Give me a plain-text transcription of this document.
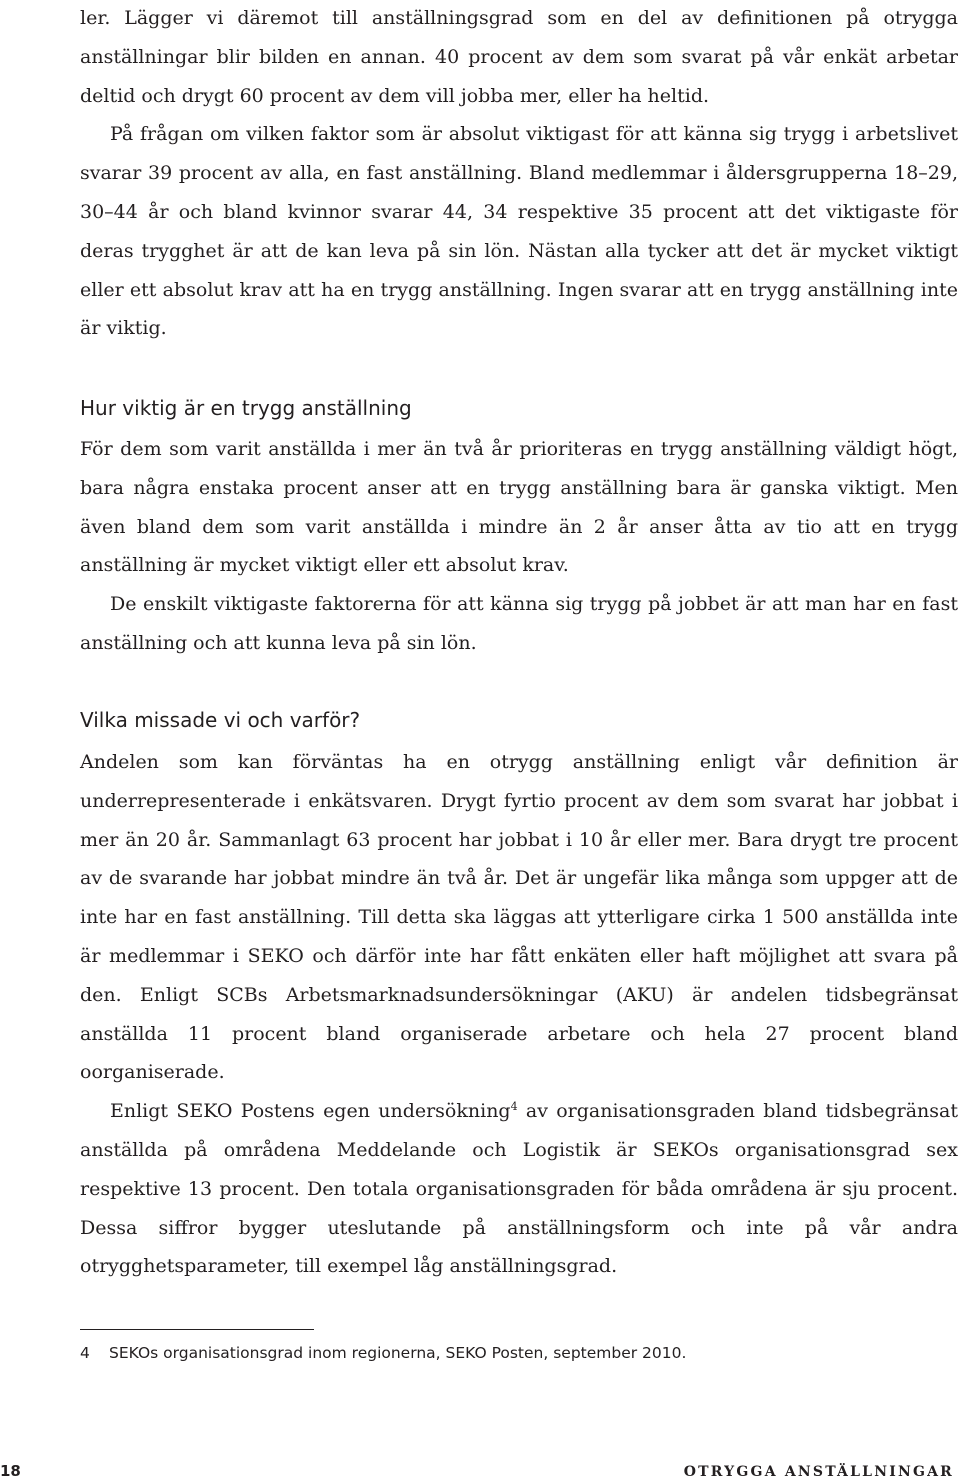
ler. Lägger vi däremot till anställningsgrad som en del av definitionen på otrygga anställningar blir bilden en annan. 40 procent av dem som svarat på vår enkät arbetar deltid och drygt 60 procent av dem vill jobba mer, eller ha heltid.

På frågan om vilken faktor som är absolut viktigast för att känna sig trygg i arbetslivet svarar 39 procent av alla, en fast anställning. Bland medlemmar i åldersgrupperna 18–29, 30–44 år och bland kvinnor svarar 44, 34 respektive 35 procent att det viktigaste för deras trygghet är att de kan leva på sin lön. Nästan alla tycker att det är mycket viktigt eller ett absolut krav att ha en trygg anställning. Ingen svarar att en trygg anställning inte är viktig.

Hur viktig är en trygg anställning

För dem som varit anställda i mer än två år prioriteras en trygg anställning väldigt högt, bara några enstaka procent anser att en trygg anställning bara är ganska viktigt. Men även bland dem som varit anställda i mindre än 2 år anser åtta av tio att en trygg anställning är mycket viktigt eller ett absolut krav.

De enskilt viktigaste faktorerna för att känna sig trygg på jobbet är att man har en fast anställning och att kunna leva på sin lön.

Vilka missade vi och varför?

Andelen som kan förväntas ha en otrygg anställning enligt vår definition är underrepresenterade i enkätsvaren. Drygt fyrtio procent av dem som svarat har jobbat i mer än 20 år. Sammanlagt 63 procent har jobbat i 10 år eller mer. Bara drygt tre procent av de svarande har jobbat mindre än två år. Det är ungefär lika många som uppger att de inte har en fast anställning. Till detta ska läggas att ytterligare cirka 1 500 anställda inte är medlemmar i SEKO och därför inte har fått enkäten eller haft möjlighet att svara på den. Enligt SCBs Arbetsmarknadsundersökningar (AKU) är andelen tidsbegränsat anställda 11 procent bland organiserade arbetare och hela 27 procent bland oorganiserade.

Enligt SEKO Postens egen undersökning$^4$ av organisationsgraden bland tidsbegränsat anställda på områdena Meddelande och Logistik är SEKOs organisationsgrad sex respektive 13 procent. Den totala organisationsgraden för båda områdena är sju procent. Dessa siffror bygger uteslutande på anställningsform och inte på vår andra otrygghetsparameter, till exempel låg anställningsgrad.

4 SEKOs organisationsgrad inom regionerna, SEKO Posten, september 2010.
18	OTRYGGA ANSTÄLLNINGAR
